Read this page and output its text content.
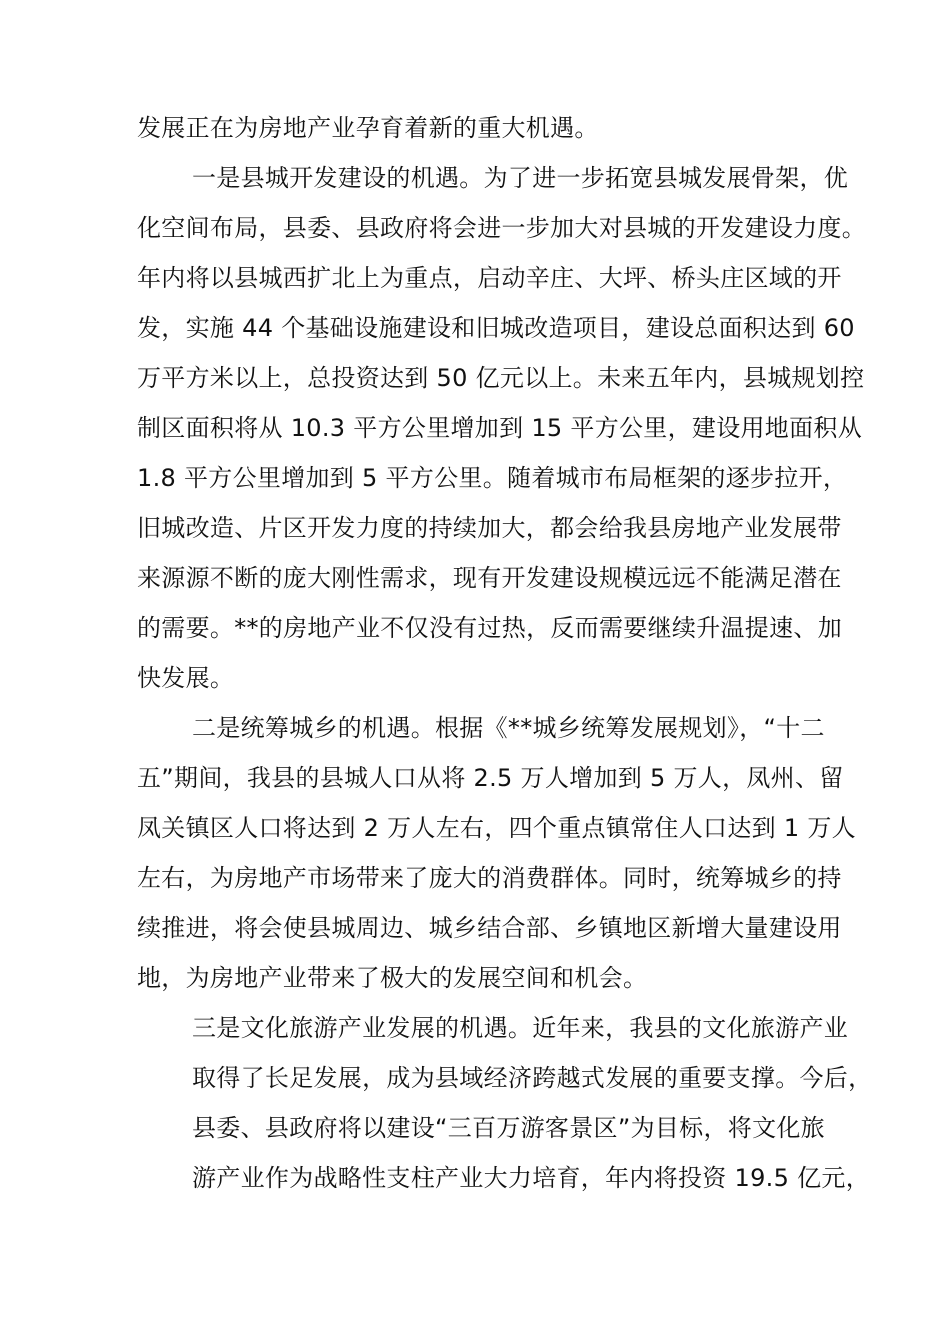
发展正在为房地产业孕育着新的重大机遇。
一是县城开发建设的机遇。为了进一步拓宽县城发展骨架，优
化空间布局，县委、县政府将会进一步加大对县城的开发建设力度。
年内将以县城西扩北上为重点，启动辛庄、大坪、桥头庄区域的开
发，实施 44 个基础设施建设和旧城改造项目，建设总面积达到 60
万平方米以上，总投资达到 50 亿元以上。未来五年内，县城规划控
制区面积将从 10.3 平方公里增加到 15 平方公里，建设用地面积从
1.8 平方公里增加到 5 平方公里。随着城市布局框架的逐步拉开，
旧城改造、片区开发力度的持续加大，都会给我县房地产业发展带
来源源不断的庞大刚性需求，现有开发建设规模远远不能满足潜在
的需要。**的房地产业不仅没有过热，反而需要继续升温提速、加
快发展。
二是统筹城乡的机遇。根据《**城乡统筹发展规划》，“十二
五”期间，我县的县城人口从将 2.5 万人增加到 5 万人，凤州、留
凤关镇区人口将达到 2 万人左右，四个重点镇常住人口达到 1 万人
左右，为房地产市场带来了庞大的消费群体。同时，统筹城乡的持
续推进，将会使县城周边、城乡结合部、乡镇地区新增大量建设用
地，为房地产业带来了极大的发展空间和机会。
三是文化旅游产业发展的机遇。近年来，我县的文化旅游产业
取得了长足发展，成为县域经济跨越式发展的重要支撑。今后，
县委、县政府将以建设“三百万游客景区”为目标，将文化旅
游产业作为战略性支柱产业大力培育，年内将投资 19.5 亿元，
